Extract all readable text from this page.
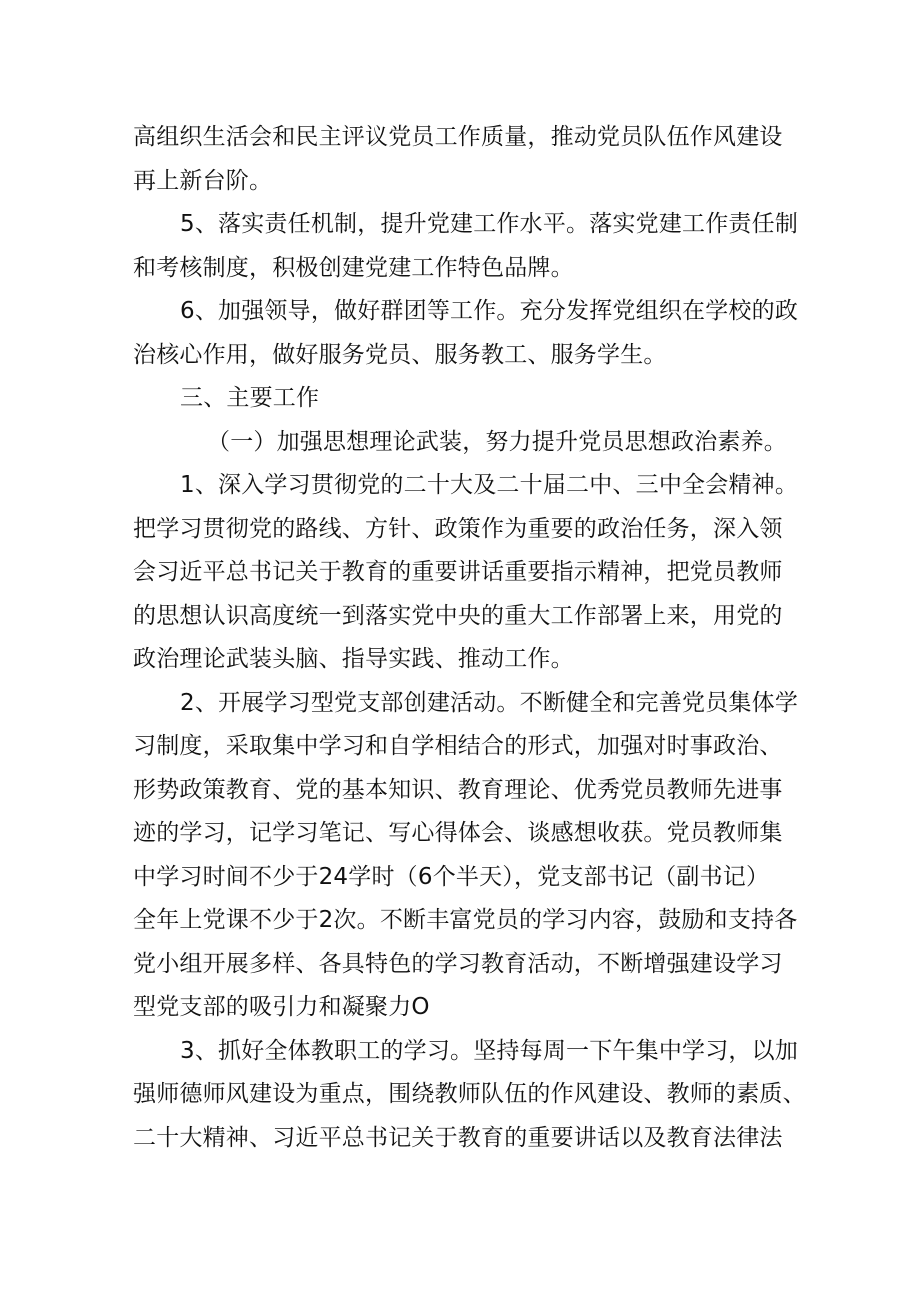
高组织生活会和民主评议党员工作质量，推动党员队伍作风建设
再上新台阶。
5、落实责任机制，提升党建工作水平。落实党建工作责任制
和考核制度，积极创建党建工作特色品牌。
6、加强领导，做好群团等工作。充分发挥党组织在学校的政
治核心作用，做好服务党员、服务教工、服务学生。
三、主要工作
（一）加强思想理论武装，努力提升党员思想政治素养。
1、深入学习贯彻党的二十大及二十届二中、三中全会精神。
把学习贯彻党的路线、方针、政策作为重要的政治任务，深入领
会习近平总书记关于教育的重要讲话重要指示精神，把党员教师
的思想认识高度统一到落实党中央的重大工作部署上来，用党的
政治理论武装头脑、指导实践、推动工作。
2、开展学习型党支部创建活动。不断健全和完善党员集体学
习制度，采取集中学习和自学相结合的形式，加强对时事政治、
形势政策教育、党的基本知识、教育理论、优秀党员教师先进事
迹的学习，记学习笔记、写心得体会、谈感想收获。党员教师集
中学习时间不少于24学时（6个半天），党支部书记（副书记）
全年上党课不少于2次。不断丰富党员的学习内容，鼓励和支持各
党小组开展多样、各具特色的学习教育活动，不断增强建设学习
型党支部的吸引力和凝聚力O
3、抓好全体教职工的学习。坚持每周一下午集中学习，以加
强师德师风建设为重点，围绕教师队伍的作风建设、教师的素质、
二十大精神、习近平总书记关于教育的重要讲话以及教育法律法
